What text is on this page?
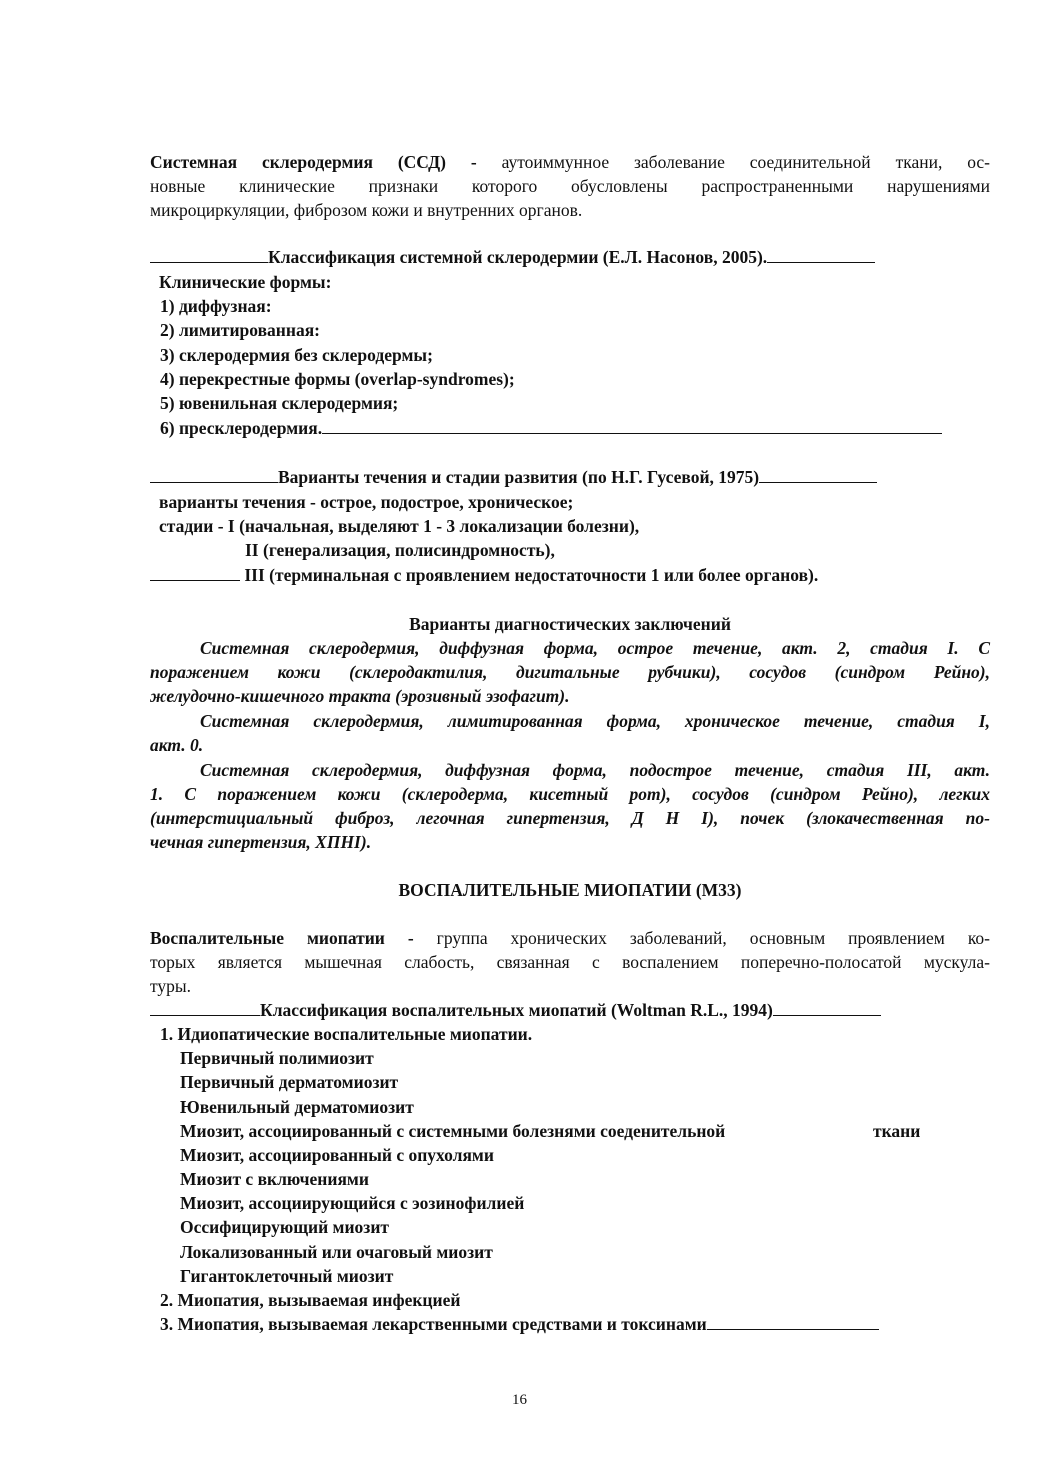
Системная склеродермия (ССД) - аутоиммунное заболевание соединительной ткани, ос-
новные клинические признаки которого обусловлены распространенными нарушениями
микроциркуляции, фиброзом кожи и внутренних органов.
Классификация системной склеродермии (Е.Л. Насонов, 2005).
Клинические формы:
1) диффузная:
2) лимитированная:
3) склеродермия без склеродермы;
4) перекрестные формы (overlap-syndromes);
5) ювенильная склеродермия;
6) пресклеродермия.
Варианты течения и стадии развития (по Н.Г. Гусевой, 1975)
варианты течения - острое, подострое, хроническое;
стадии - I (начальная, выделяют 1 - 3 локализации болезни),
II (генерализация, полисиндромность),
III (терминальная с проявлением недостаточности 1 или более органов).
Варианты диагностических заключений
Системная склеродермия, диффузная форма, острое течение, акт. 2, стадия I. С
поражением кожи (склеродактилия, дигитальные рубчики), сосудов (синдром Рейно),
желудочно-кишечного тракта (эрозивный эзофагит).
Системная склеродермия, лимитированная форма, хроническое течение, стадия I,
акт. 0.
Системная склеродермия, диффузная форма, подострое течение, стадия III, акт.
1. С поражением кожи (склеродерма, кисетный рот), сосудов (синдром Рейно), легких
(интерстициальный фиброз, легочная гипертензия, Д Н I), почек (злокачественная по-
чечная гипертензия, ХПНI).
ВОСПАЛИТЕЛЬНЫЕ МИОПАТИИ (М33)
Воспалительные миопатии - группа хронических заболеваний, основным проявлением ко-
торых является мышечная слабость, связанная с воспалением поперечно-полосатой мускула-
туры.
Классификация воспалительных миопатий (Woltman R.L., 1994)
1. Идиопатические воспалительные миопатии.
Первичный полимиозит
Первичный дерматомиозит
Ювенильный дерматомиозит
Миозит, ассоциированный с системными болезнями соеденительной	ткани
Миозит, ассоциированный с опухолями
Миозит с включениями
Миозит, ассоциирующийся с эозинофилией
Оссифицирующий миозит
Локализованный или очаговый миозит
Гигантоклеточный миозит
2. Миопатия, вызываемая инфекцией
3. Миопатия, вызываемая лекарственными средствами и токсинами
16
